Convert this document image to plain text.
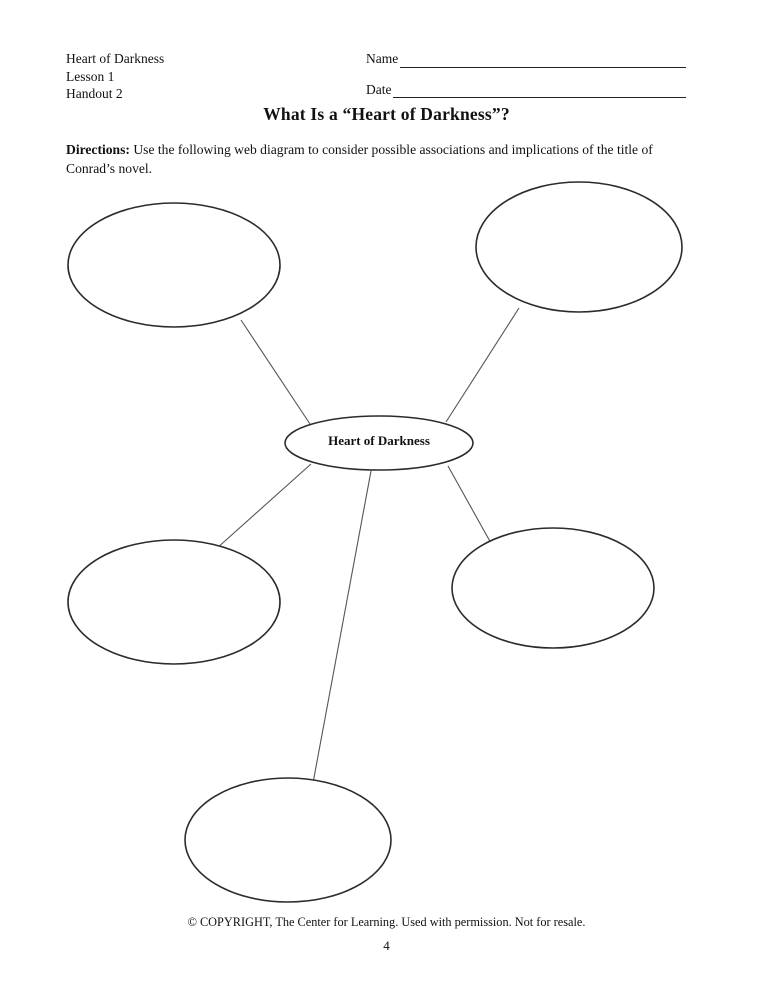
Heart of Darkness
Lesson 1
Handout 2
Name
Date
What Is a “Heart of Darkness”?
Directions: Use the following web diagram to consider possible associations and implications of the title of Conrad’s novel.
Heart of Darkness
© COPYRIGHT, The Center for Learning. Used with permission. Not for resale.
4
